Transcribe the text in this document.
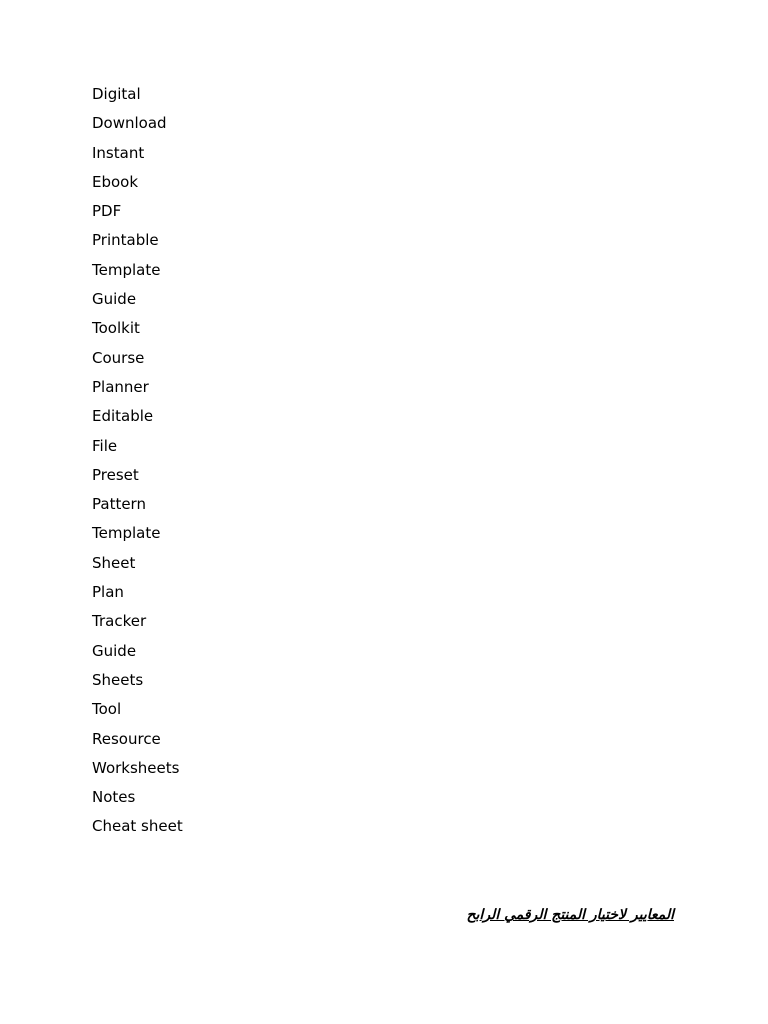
Digital
Download
Instant
Ebook
PDF
Printable
Template
Guide
Toolkit
Course
Planner
Editable
File
Preset
Pattern
Template
Sheet
Plan
Tracker
Guide
Sheets
Tool
Resource
Worksheets
Notes
Cheat sheet

المعايير لاختيار المنتج الرقمي الرابح
